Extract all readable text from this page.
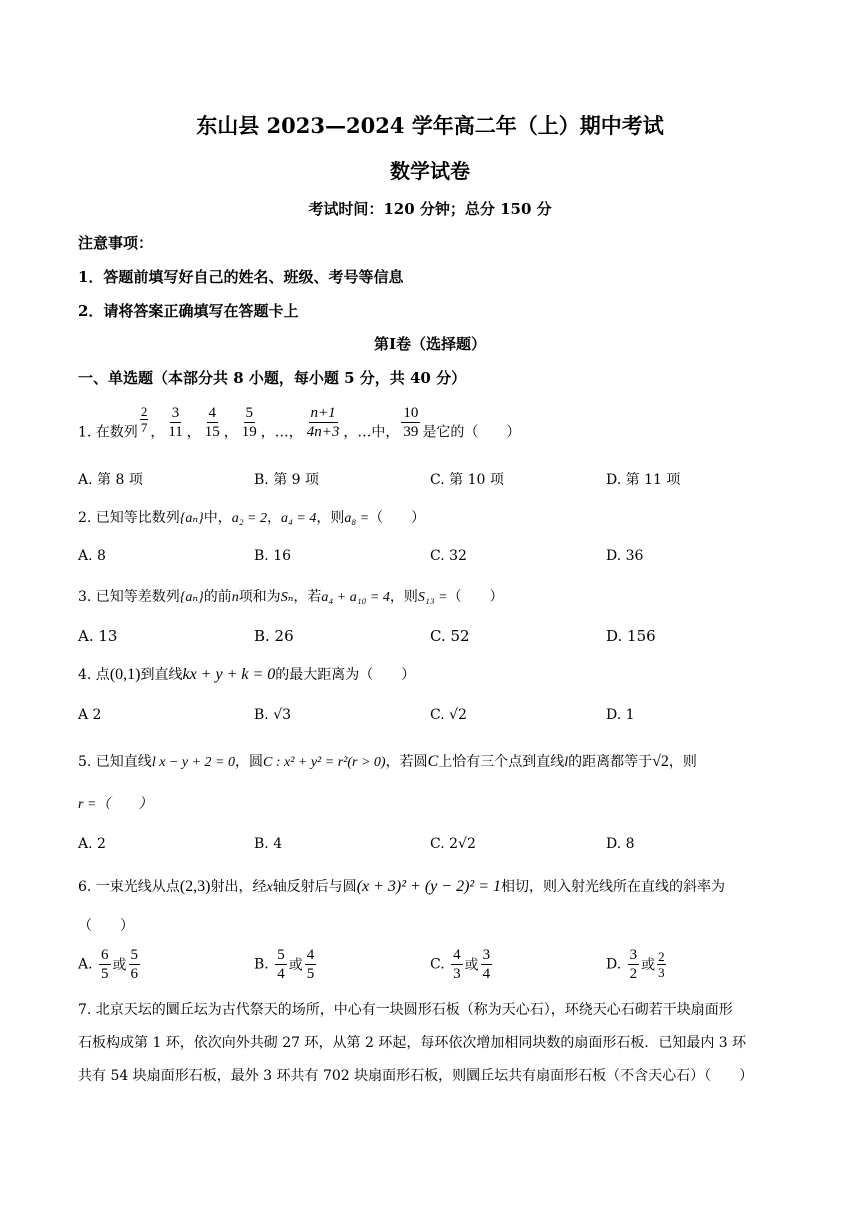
东山县 2023—2024 学年高二年（上）期中考试
数学试卷
考试时间：120 分钟；总分 150 分
注意事项：
1．答题前填写好自己的姓名、班级、考号等信息
2．请将答案正确填写在答题卡上
第Ⅰ卷（选择题）
一、单选题（本部分共 8 小题，每小题 5 分，共 40 分）
1. 在数列 $\frac{2}{7}$ ， $\frac{3}{11}$ ， $\frac{4}{15}$ ， $\frac{5}{19}$ ，…， $\frac{n+1}{4n+3}$ ，…中， $\frac{10}{39}$ 是它的（　　）
A. 第 8 项	B. 第 9 项	C. 第 10 项	D. 第 11 项
2. 已知等比数列{aₙ}中，a₂ = 2，a₄ = 4，则a₈ =（　　）
A. 8	B. 16	C. 32	D. 36
3. 已知等差数列{aₙ}的前n项和为Sₙ，若a₄ + a₁₀ = 4，则S₁₃ =（　　）
A. 13	B. 26	C. 52	D. 156
4. 点(0,1)到直线kx + y + k = 0的最大距离为（　　）
A 2	B. √3	C. √2	D. 1
5. 已知直线l x − y + 2 = 0，圆C : x² + y² = r²(r > 0)，若圆C上恰有三个点到直线l的距离都等于√2，则
r =（　　）
A. 2	B. 4	C. 2√2	D. 8
6. 一束光线从点(2,3)射出，经x轴反射后与圆(x + 3)² + (y − 2)² = 1相切，则入射光线所在直线的斜率为
（　　）
A. $\frac{6}{5}$ 或 $\frac{5}{6}$	B. $\frac{5}{4}$ 或 $\frac{4}{5}$	C. $\frac{4}{3}$ 或 $\frac{3}{4}$	D. $\frac{3}{2}$ 或 $\frac{2}{3}$
7. 北京天坛的圜丘坛为古代祭天的场所，中心有一块圆形石板（称为天心石），环绕天心石砌若干块扇面形
石板构成第 1 环，依次向外共砌 27 环，从第 2 环起，每环依次增加相同块数的扇面形石板．已知最内 3 环
共有 54 块扇面形石板，最外 3 环共有 702 块扇面形石板，则圜丘坛共有扇面形石板（不含天心石）（　　）
